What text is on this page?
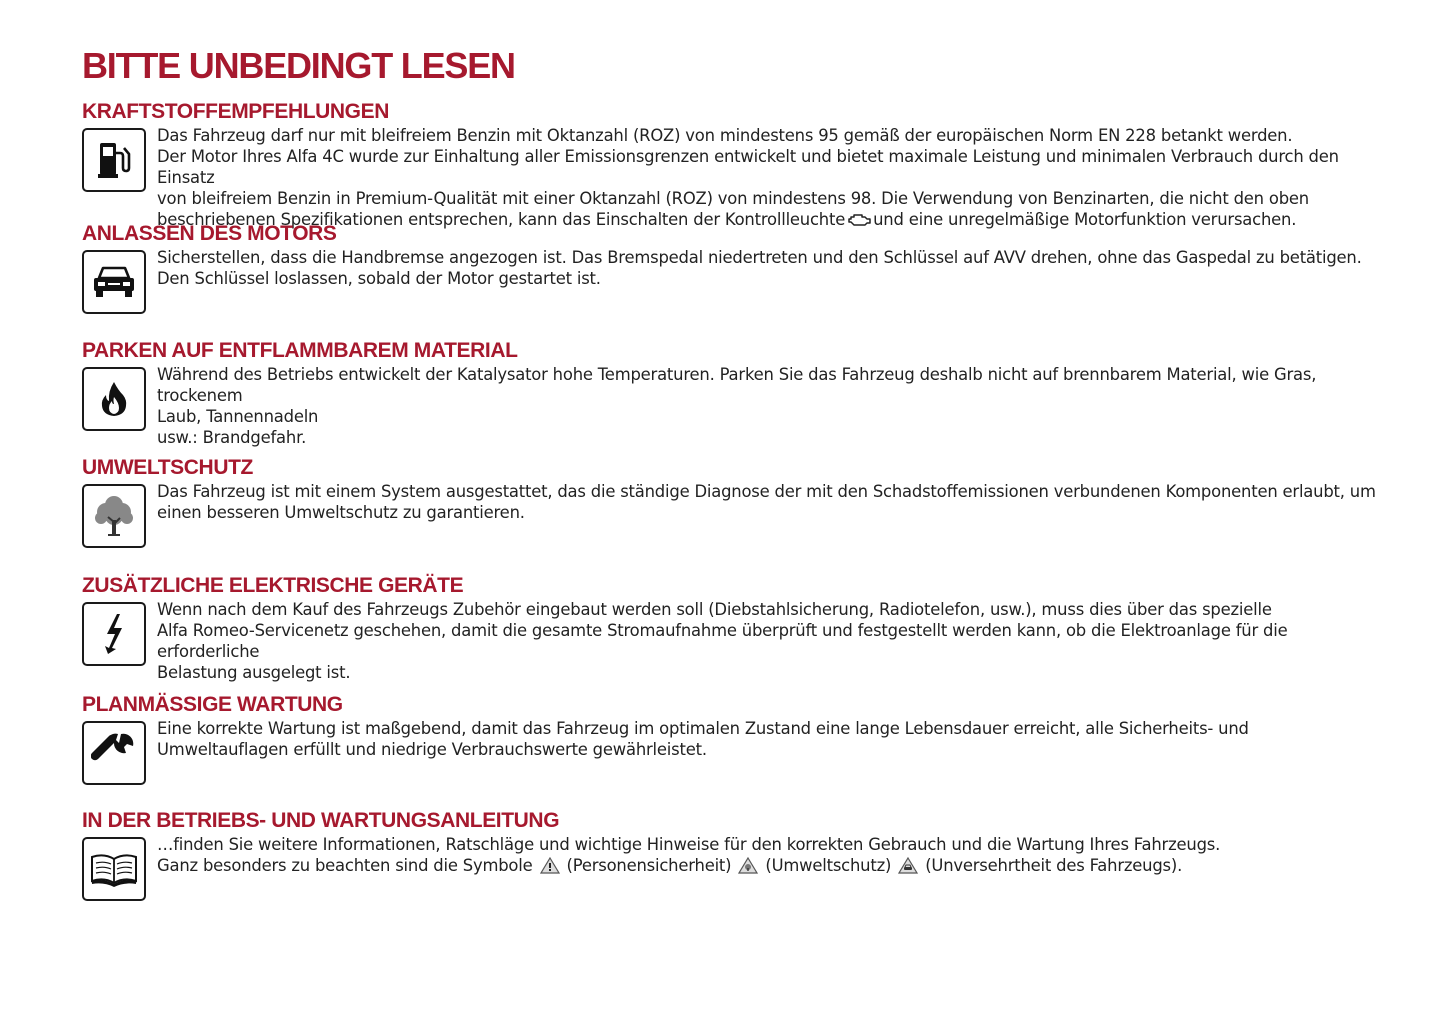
BITTE UNBEDINGT LESEN
KRAFTSTOFFEMPFEHLUNGEN

Das Fahrzeug darf nur mit bleifreiem Benzin mit Oktanzahl (ROZ) von mindestens 95 gemäß der europäischen Norm EN 228 betankt werden.

Der Motor Ihres Alfa 4C wurde zur Einhaltung aller Emissionsgrenzen entwickelt und bietet maximale Leistung und minimalen Verbrauch durch den Einsatz

von bleifreiem Benzin in Premium-Qualität mit einer Oktanzahl (ROZ) von mindestens 98. Die Verwendung von Benzinarten, die nicht den oben

beschriebenen Spezifikationen entsprechen, kann das Einschalten der Kontrollleuchte und eine unregelmäßige Motorfunktion verursachen.

ANLASSEN DES MOTORS

Sicherstellen, dass die Handbremse angezogen ist. Das Bremspedal niedertreten und den Schlüssel auf AVV drehen, ohne das Gaspedal zu betätigen.

Den Schlüssel loslassen, sobald der Motor gestartet ist.

PARKEN AUF ENTFLAMMBAREM MATERIAL

Während des Betriebs entwickelt der Katalysator hohe Temperaturen. Parken Sie das Fahrzeug deshalb nicht auf brennbarem Material, wie Gras, trockenem

Laub, Tannennadeln

usw.: Brandgefahr.

UMWELTSCHUTZ

Das Fahrzeug ist mit einem System ausgestattet, das die ständige Diagnose der mit den Schadstoffemissionen verbundenen Komponenten erlaubt, um

einen besseren Umweltschutz zu garantieren.

ZUSÄTZLICHE ELEKTRISCHE GERÄTE

Wenn nach dem Kauf des Fahrzeugs Zubehör eingebaut werden soll (Diebstahlsicherung, Radiotelefon, usw.), muss dies über das spezielle

Alfa Romeo-Servicenetz geschehen, damit die gesamte Stromaufnahme überprüft und festgestellt werden kann, ob die Elektroanlage für die erforderliche

Belastung ausgelegt ist.

PLANMÄSSIGE WARTUNG

Eine korrekte Wartung ist maßgebend, damit das Fahrzeug im optimalen Zustand eine lange Lebensdauer erreicht, alle Sicherheits- und

Umweltauflagen erfüllt und niedrige Verbrauchswerte gewährleistet.

IN DER BETRIEBS- UND WARTUNGSANLEITUNG

…finden Sie weitere Informationen, Ratschläge und wichtige Hinweise für den korrekten Gebrauch und die Wartung Ihres Fahrzeugs.

Ganz besonders zu beachten sind die Symbole (Personensicherheit) (Umweltschutz) (Unversehrtheit des Fahrzeugs).
